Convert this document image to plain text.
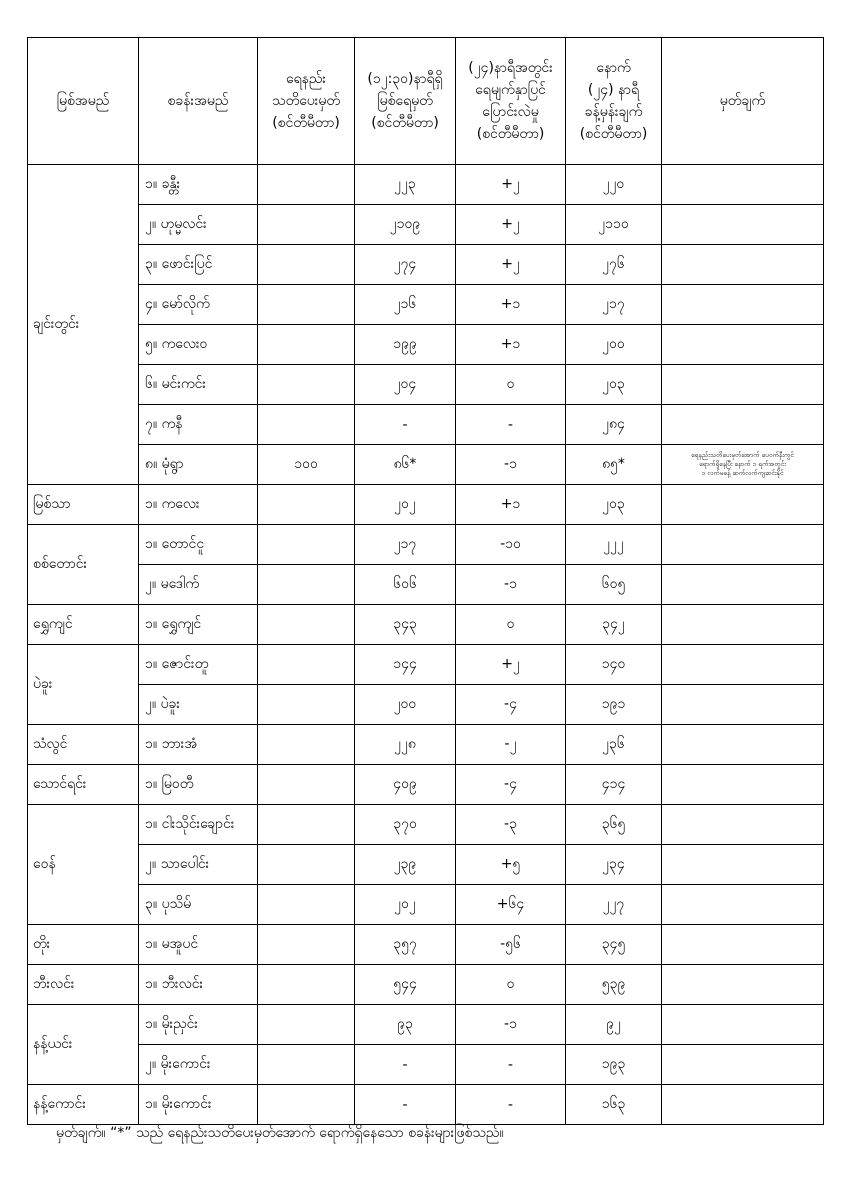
မြစ်အမည်	စခန်းအမည်	ရေနည်း
သတိပေးမှတ်
(စင်တီမီတာ)	(၁၂:၃၀)နာရီရှိ
မြစ်ရေမှတ်
(စင်တီမီတာ)	(၂၄)နာရီအတွင်း
ရေမျက်နှာပြင်
ပြောင်းလဲမှု
(စင်တီမီတာ)	နောက်
(၂၄) နာရီ
ခန့်မှန်းချက်
(စင်တီမီတာ)	မှတ်ချက်

ချင်းတွင်း	၁။ ခန္တီး		၂၂၃	+၂	၂၂၀	
	၂။ ဟုမ္မလင်း		၂၁၀၉	+၂	၂၁၁၀	
	၃။ ဖောင်းပြင်		၂၇၄	+၂	၂၇၆	
	၄။ မော်လိုက်		၂၁၆	+၁	၂၁၇	
	၅။ ကလေးဝ		၁၉၉	+၁	၂၀၀	
	၆။ မင်းကင်း		၂၀၄	၀	၂၀၃	
	၇။ ကနီ		-	-	၂၈၄	
	၈။ မုံရွာ	၁၀၀	၈၆*	-၁	၈၅*	ရေနည်းသတိပေးမှတ်အောက် ပေ၀က်နီးကွင်
ရောက်ရှိနေပြီး နောက် ၁ ရက်အတွင်း
၁ လက်မခန့် ဆက်လက်ကျဆင်းနိုင်

မြစ်သာ	၁။ ကလေး		၂၀၂	+၁	၂၀၃	
စစ်တောင်း	၁။ တောင်ငူ		၂၁၇	-၁၀	၂၂၂	
	၂။ မဒေါက်		၆၀၆	-၁	၆၀၅	
ရွှေကျင်	၁။ ရွှေကျင်		၃၄၃	၀	၃၄၂	
ပဲခူး	၁။ ဇောင်းတူ		၁၄၄	+၂	၁၄၀	
	၂။ ပဲခူး		၂၀၀	-၄	၁၉၁	
သံလွင်	၁။ ဘားအံ		၂၂၈	-၂	၂၃၆	
သောင်ရင်း	၁။ မြဝတီ		၄၀၉	-၄	၄၁၄	
ဝေန်	၁။ ငါးသိုင်းချောင်း		၃၇၀	-၃	၃၆၅	
	၂။ သာပေါင်း		၂၃၉	+၅	၂၃၄	
	၃။ ပုသိမ်		၂၀၂	+၆၄	၂၂၇	
တိုး	၁။ မအူပင်		၃၅၇	-၅၆	၃၄၅	
ဘီးလင်း	၁။ ဘီးလင်း		၅၄၄	၀	၅၃၉	
နန့်ယင်း	၁။ မိုးညှင်း		၉၃	-၁	၉၂	
	၂။ မိုးကောင်း		-	-	၁၉၃	
နန့်ကောင်း	၁။ မိုးကောင်း		-	-	၁၆၃	
မှတ်ချက်။ “*” သည် ရေနည်းသတိပေးမှတ်အောက် ရောက်ရှိနေသော စခန်းများဖြစ်သည်။
